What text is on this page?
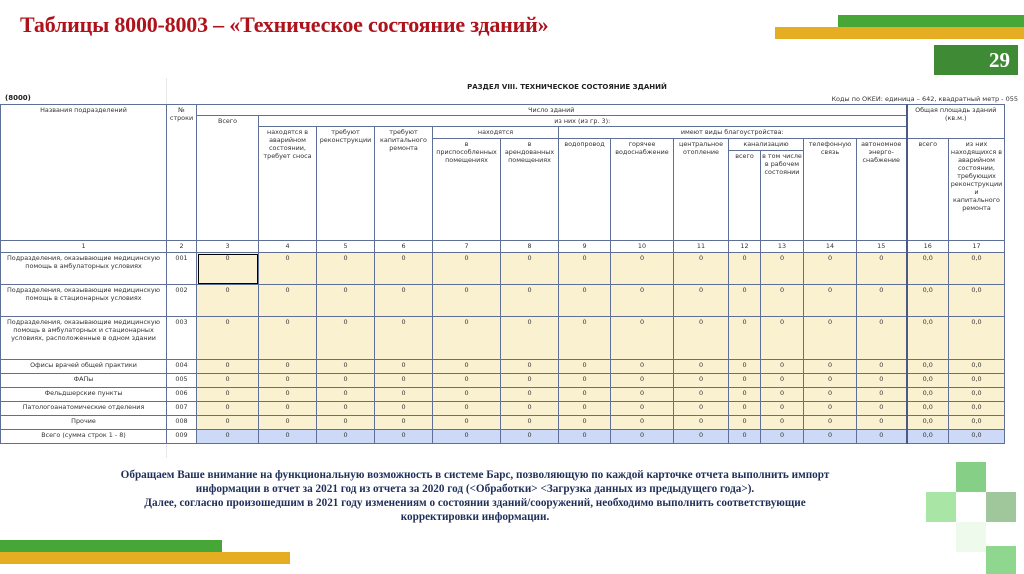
Таблицы 8000-8003 – «Техническое состояние зданий»
29
РАЗДЕЛ VIII. ТЕХНИЧЕСКОЕ СОСТОЯНИЕ ЗДАНИЙ
(8000)	Коды по ОКЕИ: единица – 642, квадратный метр - 055
Названия подразделений	№ строки	Число зданий													Общая площадь зданий (кв.м.)	
		Всего	из них (из гр. 3):													
			находятся в аварийном состоянии, требует сноса	требуют реконструкции	требуют капитального ремонта	находятся		имеют виды благоустройства:								
						в приспособленных помещениях	в арендованных помещениях	водопровод	горячее водоснабжение	центральное отопление	канализацию		телефонную связь	автономное энерго-снабжение	всего	из них находящихся в аварийном состоянии, требующих реконструкции и капитального ремонта
											всего	в том числе в рабочем состоянии				
1	2	3	4	5	6	7	8	9	10	11	12	13	14	15	16	17
Подразделения, оказывающие медицинскую помощь в амбулаторных условиях	001	0	0	0	0	0	0	0	0	0	0	0	0	0	0,0	0,0
Подразделения, оказывающие медицинскую помощь в стационарных условиях	002	0	0	0	0	0	0	0	0	0	0	0	0	0	0,0	0,0
Подразделения, оказывающие медицинскую помощь в амбулаторных и стационарных условиях, расположенные в одном здании	003	0	0	0	0	0	0	0	0	0	0	0	0	0	0,0	0,0
Офисы врачей общей практики	004	0	0	0	0	0	0	0	0	0	0	0	0	0	0,0	0,0
ФАПы	005	0	0	0	0	0	0	0	0	0	0	0	0	0	0,0	0,0
Фельдшерские пункты	006	0	0	0	0	0	0	0	0	0	0	0	0	0	0,0	0,0
Патологоанатомические отделения	007	0	0	0	0	0	0	0	0	0	0	0	0	0	0,0	0,0
Прочие	008	0	0	0	0	0	0	0	0	0	0	0	0	0	0,0	0,0
Всего (сумма строк 1 - 8)	009	0	0	0	0	0	0	0	0	0	0	0	0	0	0,0	0,0
Обращаем Ваше внимание на функциональную возможность в системе Барс, позволяющую по каждой карточке отчета выполнить импорт
информации в отчет за 2021 год из отчета за 2020 год (<Обработки> <Загрузка данных из предыдущего года>).
Далее, согласно произошедшим в 2021 году изменениям о состоянии зданий/сооружений, необходимо выполнить соответствующие
корректировки информации.
